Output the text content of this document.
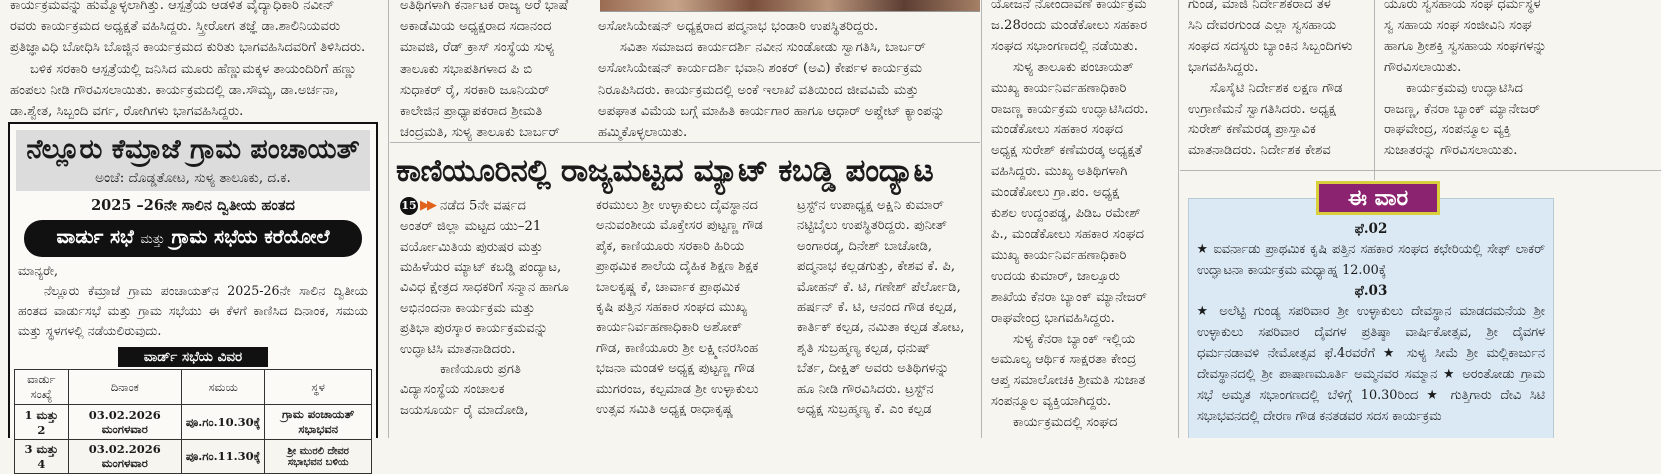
ಕಾರ್ಯಕ್ರಮವನ್ನು ಹುಮ್ಮೊಳ್ಳಲಾಗಿತ್ತು. ಆಸ್ಪತ್ರೆಯ ಆಡಳಿತ ವೈದ್ಯಾಧಿಕಾರಿ ನವೀನ್

ರವರು ಕಾರ್ಯಕ್ರಮದ ಅಧ್ಯಕ್ಷತೆ ವಹಿಸಿದ್ದರು. ಸ್ತ್ರೀರೋಗ ತಜ್ಞೆ ಡಾ.ಶಾಲಿನಿಯವರು

ಪ್ರತಿಜ್ಞಾವಿಧಿ ಬೋಧಿಸಿ ಬೊಜ್ಜಿನ ಕಾರ್ಯಕ್ರಮದ ಕುರಿತು ಭಾಗವಹಿಸಿದವರಿಗೆ ತಿಳಿಸಿದರು.

ಬಳಿಕ ಸರಕಾರಿ ಆಸ್ಪತ್ರೆಯಲ್ಲಿ ಜನಿಸಿದ ಮೂರು ಹೆಣ್ಣುಮಕ್ಕಳ ತಾಯಂದಿರಿಗೆ ಹಣ್ಣು

ಹಂಪಲು ನೀಡಿ ಗೌರವಿಸಲಾಯಿತು. ಕಾರ್ಯಕ್ರಮದಲ್ಲಿ ಡಾ.ಸೌಮ್ಯ, ಡಾ.ಅರ್ಚನಾ,

ಡಾ.ಶ್ವೇತ, ಸಿಬ್ಬಂದಿ ವರ್ಗ, ರೋಗಿಗಳು ಭಾಗವಹಿಸಿದ್ದರು.

ನೆಲ್ಲೂರು ಕೆಮ್ರಾಜೆ ಗ್ರಾಮ ಪಂಚಾಯತ್
ಅಂಚೆ: ದೊಡ್ಡತೋಟ, ಸುಳ್ಯ ತಾಲೂಕು, ದ.ಕ.
2025 –26ನೇ ಸಾಲಿನ ದ್ವಿತೀಯ ಹಂತದ
ವಾರ್ಡು ಸಭೆ ಮತ್ತು ಗ್ರಾಮ ಸಭೆಯ ಕರೆಯೋಲೆ
ಮಾನ್ಯರೇ,
ನೆಲ್ಲೂರು ಕೆಮ್ರಾಜೆ ಗ್ರಾಮ ಪಂಚಾಯತ್‌ನ 2025-26ನೇ ಸಾಲಿನ ದ್ವಿತೀಯ ಹಂತದ ವಾರ್ಡುಸಭೆ ಮತ್ತು ಗ್ರಾಮ ಸಭೆಯು ಈ ಕೆಳಗೆ ಕಾಣಿಸಿದ ದಿನಾಂಕ, ಸಮಯ ಮತ್ತು ಸ್ಥಳಗಳಲ್ಲಿ ನಡೆಯಲಿರುವುದು.
ವಾರ್ಡ್ ಸಭೆಯ ವಿವರ
ವಾರ್ಡು ಸಂಖ್ಯೆ	ದಿನಾಂಕ	ಸಮಯ	ಸ್ಥಳ
1 ಮತ್ತು 2	03.02.2026 ಮಂಗಳವಾರ	ಪೂ.ಗಂ.10.30ಕ್ಕೆ	ಗ್ರಾಮ ಪಂಚಾಯತ್ ಸಭಾಭವನ
3 ಮತ್ತು 4	03.02.2026 ಮಂಗಳವಾರ	ಪೂ.ಗಂ.11.30ಕ್ಕೆ	ಶ್ರೀ ಮುರಲಿ ದೇವರ ಸಭಾಭವನ ಬಳಿಯ

ಅತಿಥಿಗಳಾಗಿ ಕರ್ನಾಟಕ ರಾಜ್ಯ ಅರೆ ಭಾಷೆ

ಅಕಾಡೆಮಿಯ ಅಧ್ಯಕ್ಷರಾದ ಸದಾನಂದ

ಮಾವಜಿ, ರೆಡ್ ಕ್ರಾಸ್ ಸಂಸ್ಥೆಯ ಸುಳ್ಯ

ತಾಲೂಕು ಸಭಾಪತಿಗಳಾದ ಪಿ ಬಿ

ಸುಧಾಕರ್ ರೈ, ಸರಕಾರಿ ಜೂನಿಯರ್

ಕಾಲೇಜಿನ ಪ್ರಾಧ್ಯಾಪಕರಾದ ಶ್ರೀಮತಿ

ಚಂದ್ರಮತಿ, ಸುಳ್ಯ ತಾಲೂಕು ಬಾರ್ಬರ್

ಅಸೋಸಿಯೇಷನ್ ಅಧ್ಯಕ್ಷರಾದ ಪದ್ಮನಾಭ ಭಂಡಾರಿ ಉಪಸ್ಥಿತರಿದ್ದರು.

ಸವಿತಾ ಸಮಾಜದ ಕಾರ್ಯದರ್ಶಿ ನವೀನ ಸುಂಡೋಡು ಸ್ವಾಗತಿಸಿ, ಬಾರ್ಬರ್

ಅಸೋಸಿಯೇಷನ್ ಕಾರ್ಯದರ್ಶಿ ಭವಾನಿ ಶಂಕರ್ (ಅವಿ) ಕೇರ್ಪಳ ಕಾರ್ಯಕ್ರಮ

ನಿರೂಪಿಸಿದರು. ಕಾರ್ಯಕ್ರಮದಲ್ಲಿ ಅಂಕೆ ಇಲಾಖೆ ವತಿಯಿಂದ ಜೀವವಿಮೆ ಮತ್ತು

ಅಪಘಾತ ವಿಮೆಯ ಬಗ್ಗೆ ಮಾಹಿತಿ ಕಾರ್ಯಗಾರ ಹಾಗೂ ಆಧಾರ್ ಅಪ್ಡೇಟ್ ಕ್ಯಾಂಪನ್ನು

ಹಮ್ಮಿಕೊಳ್ಳಲಾಯಿತು.

ಕಾಣಿಯೂರಿನಲ್ಲಿ ರಾಜ್ಯಮಟ್ಟದ ಮ್ಯಾಟ್ ಕಬಡ್ಡಿ ಪಂದ್ಯಾಟ

15 ▶▶ ನಡೆದ 5ನೇ ವರ್ಷದ

ಅಂತರ್ ಜಿಲ್ಲಾ ಮಟ್ಟದ ಯು–21

ವರ್ಯೋಮಿತಿಯ ಪುರುಷರ ಮತ್ತು

ಮಹಿಳೆಯರ ಮ್ಯಾಟ್ ಕಬಡ್ಡಿ ಪಂದ್ಯಾಟ,

ವಿವಿಧ ಕ್ಷೇತ್ರದ ಸಾಧಕರಿಗೆ ಸನ್ಮಾನ ಹಾಗೂ

ಅಭಿನಂದನಾ ಕಾರ್ಯಕ್ರಮ ಮತ್ತು

ಪ್ರತಿಭಾ ಪುರಸ್ಕಾರ ಕಾರ್ಯಕ್ರಮವನ್ನು

ಉದ್ಘಾಟಿಸಿ ಮಾತನಾಡಿದರು.

ಕಾಣಿಯೂರು ಪ್ರಗತಿ

ವಿದ್ಯಾಸಂಸ್ಥೆಯ ಸಂಚಾಲಕ

ಜಯಸೂರ್ಯ ರೈ ಮಾದೋಡಿ,

ಕರಮುಲು ಶ್ರೀ ಉಳ್ಳಾಕುಲು ದೈವಸ್ಥಾನದ

ಅನುವಂಶೀಯ ಮೊಕ್ತೇಸರ ಪುಟ್ಟಣ್ಣ ಗೌಡ

ಪೈಕ, ಕಾಣಿಯೂರು ಸರಕಾರಿ ಹಿರಿಯ

ಪ್ರಾಥಮಿಕ ಶಾಲೆಯ ದೈಹಿಕ ಶಿಕ್ಷಣ ಶಿಕ್ಷಕ

ಬಾಲಕೃಷ್ಣ ಕೆ, ಚಾರ್ವಾಕ ಪ್ರಾಥಮಿಕ

ಕೃಷಿ ಪತ್ತಿನ ಸಹಕಾರ ಸಂಘದ ಮುಖ್ಯ

ಕಾರ್ಯನಿರ್ವಹಣಾಧಿಕಾರಿ ಅಶೋಕ್

ಗೌಡ, ಕಾಣಿಯೂರು ಶ್ರೀ ಲಕ್ಷ್ಮೀನರಸಿಂಹ

ಭಜನಾ ಮಂಡಳಿ ಅಧ್ಯಕ್ಷ ಪುಟ್ಟಣ್ಣ ಗೌಡ

ಮುಗರಂಜ, ಕಲ್ಪಮಾಡ ಶ್ರೀ ಉಳ್ಳಾಕುಲು

ಉತ್ಸವ ಸಮಿತಿ ಅಧ್ಯಕ್ಷ ರಾಧಾಕೃಷ್ಣ

ಟ್ರಸ್ಟ್‌ನ ಉಪಾಧ್ಯಕ್ಷ ಅಕ್ಷಿನಿ ಕುಮಾರ್

ನಟ್ಟಿಬೈಲು ಉಪಸ್ಥಿತರಿದ್ದರು. ಪುನೀತ್

ಅಂಗಾರಡ್ಕ, ದಿನೇಶ್ ಬಾಚೋಡಿ,

ಪದ್ಮನಾಭ ಕಲ್ಲಡಗುತ್ತು, ಕೇಶವ ಕೆ. ಪಿ,

ಮೋಹನ್ ಕೆ. ಟಿ, ಗಣೇಶ್ ಪೆರ್ಲೋಡಿ,

ಹರ್ಷನ್ ಕೆ. ಟಿ, ಆನಂದ ಗೌಡ ಕಲ್ಪಡ,

ಕಾರ್ತಿಕ್ ಕಲ್ಪಡ, ನಮಿತಾ ಕಲ್ಪಡ ತೋಟ,

ಶೃತಿ ಸುಬ್ರಹ್ಮಣ್ಯ ಕಲ್ಪಡ, ಧನುಷ್

ಬೆರ್ತ, ದೀಕ್ಷಿತ್ ಅವರು ಅತಿಥಿಗಳನ್ನು

ಹೂ ನೀಡಿ ಗೌರವಿಸಿದರು. ಟ್ರಸ್ಟ್‌ನ

ಅಧ್ಯಕ್ಷ ಸುಬ್ರಹ್ಮಣ್ಯ ಕೆ. ಎಂ ಕಲ್ಪಡ

ಯೋಜನೆ ನೋಂದಾವಣೆ ಕಾರ್ಯಕ್ರಮ

ಜ.28ರಂದು ಮಂಡೆಕೋಲು ಸಹಕಾರ

ಸಂಘದ ಸಭಾಂಗಣದಲ್ಲಿ ನಡೆಯಿತು.

ಸುಳ್ಯ ತಾಲೂಕು ಪಂಚಾಯತ್

ಮುಖ್ಯ ಕಾರ್ಯನಿರ್ವಹಣಾಧಿಕಾರಿ

ರಾಜಣ್ಣ ಕಾರ್ಯಕ್ರಮ ಉದ್ಘಾಟಿಸಿದರು.

ಮಂಡೆಕೋಲು ಸಹಕಾರ ಸಂಘದ

ಅಧ್ಯಕ್ಷ ಸುರೇಶ್ ಕಣೆಮರಡ್ಕ ಅಧ್ಯಕ್ಷತೆ

ವಹಿಸಿದ್ದರು. ಮುಖ್ಯ ಅತಿಥಿಗಳಾಗಿ

ಮಂಡೆಕೋಲು ಗ್ರಾ.ಪಂ. ಅಧ್ಯಕ್ಷ

ಕುಶಲ ಉದ್ದಂಪಡ್ಡ, ಪಿಡಿಒ ರಮೇಶ್

ಪಿ., ಮಂಡೆಕೋಲು ಸಹಕಾರ ಸಂಘದ

ಮುಖ್ಯ ಕಾರ್ಯನಿರ್ವಹಣಾಧಿಕಾರಿ

ಉದಯ ಕುಮಾರ್, ಜಾಲ್ಸೂರು

ಶಾಖೆಯ ಕೆನರಾ ಬ್ಯಾಂಕ್ ಮ್ಯಾನೇಜರ್

ರಾಘವೇಂದ್ರ ಭಾಗವಹಿಸಿದ್ದರು.

ಸುಳ್ಯ ಕೆನರಾ ಬ್ಯಾಂಕ್ ಇಲ್ಲಿಯ

ಅಮೂಲ್ಯ ಆರ್ಥಿಕ ಸಾಕ್ಷರತಾ ಕೇಂದ್ರ

ಆಪ್ತ ಸಮಾಲೋಚಕಿ ಶ್ರೀಮತಿ ಸುಜಾತ

ಸಂಪನ್ಮೂಲ ವ್ಯಕ್ತಿಯಾಗಿದ್ದರು.

ಕಾರ್ಯಕ್ರಮದಲ್ಲಿ ಸಂಘದ

ಗುಂಡ, ಮಾಜಿ ನಿರ್ದೇಶಕರಾದ ತಳ

ಸಿನಿ ದೇವರಗುಂಡ ಎಲ್ಲಾ ಸ್ವಸಹಾಯ

ಸಂಘದ ಸದಸ್ಯರು ಬ್ಯಾಂಕಿನ ಸಿಬ್ಬಂದಿಗಳು

ಭಾಗವಹಿಸಿದ್ದರು.

ಸೊಸೈಟಿ ನಿರ್ದೇಶಕ ಲಕ್ಷಣ ಗೌಡ

ಉಗ್ರಾಣಿಮನೆ ಸ್ವಾಗತಿಸಿದರು. ಅಧ್ಯಕ್ಷ

ಸುರೇಶ್ ಕಣೆಮರಡ್ಕ ಪ್ರಾಸ್ತಾವಿಕ

ಮಾತನಾಡಿದರು. ನಿರ್ದೇಶಕ ಕೇಶವ

ಯೂರು ಸ್ವಸಹಾಯ ಸಂಘ ಧರ್ಮಸ್ಥಳ

ಸ್ವ ಸಹಾಯ ಸಂಘ ಸಂಜೀವಿನಿ ಸಂಘ

ಹಾಗೂ ಶ್ರೀಶಕ್ತಿ ಸ್ವಸಹಾಯ ಸಂಘಗಳನ್ನು

ಗೌರವಿಸಲಾಯಿತು.

ಕಾರ್ಯಕ್ರಮವು ಉದ್ಘಾಟಿಸಿದ

ರಾಜಣ್ಣ, ಕೆನರಾ ಬ್ಯಾಂಕ್ ಮ್ಯಾನೇಜರ್

ರಾಘವೇಂದ್ರ, ಸಂಪನ್ಮೂಲ ವ್ಯಕ್ತಿ

ಸುಜಾತರನ್ನು ಗೌರವಿಸಲಾಯಿತು.

ಫೆ.02
★ ಐವರ್ನಾಡು ಪ್ರಾಥಮಿಕ ಕೃಷಿ ಪತ್ತಿನ ಸಹಕಾರ ಸಂಘದ ಕಛೇರಿಯಲ್ಲಿ ಸೇಫ್ ಲಾಕರ್ ಉದ್ಘಾಟನಾ ಕಾರ್ಯಕ್ರಮ ಮಧ್ಯಾಹ್ನ 12.00ಕ್ಕೆ
ಫೆ.03
★ ಅಲೆಟ್ಟಿ ಗುಂಡ್ಯ ಸಪರಿವಾರ ಶ್ರೀ ಉಳ್ಳಾಕುಲು ದೇವಸ್ಥಾನ ಮಾಡದಮನೆಯ ಶ್ರೀ ಉಳ್ಳಾಕುಲು ಸಪರಿವಾರ ದೈವಗಳ ಪ್ರತಿಷ್ಠಾ ವಾರ್ಷಿಕೋತ್ಸವ, ಶ್ರೀ ದೈವಗಳ ಧರ್ಮನಡಾವಳಿ ನೇಮೋತ್ಸವ ಫೆ.4ರವರೆಗೆ ★ ಸುಳ್ಯ ಸೀಮೆ ಶ್ರೀ ಮಲ್ಲಿಕಾರ್ಜುನ ದೇವಸ್ಥಾನದಲ್ಲಿ ಶ್ರೀ ಪಾಷಾಣಮೂರ್ತಿ ಅಮ್ಮನವರ ಸಮ್ಮಾನ ★ ಅರಂತೋಡು ಗ್ರಾಮ ಸಭೆ ಅಮೃತ ಸಭಾಂಗಣದಲ್ಲಿ ಬೆಳಿಗ್ಗೆ 10.30ರಿಂದ ★ ಗುತ್ತಿಗಾರು ದೇವಿ ಸಿಟಿ ಸಭಾಭವನದಲ್ಲಿ ದೇರಣ ಗೌಡ ಕನತಡವರ ಸದಸ ಕಾರ್ಯಕ್ರಮ
ಈ ವಾರ
